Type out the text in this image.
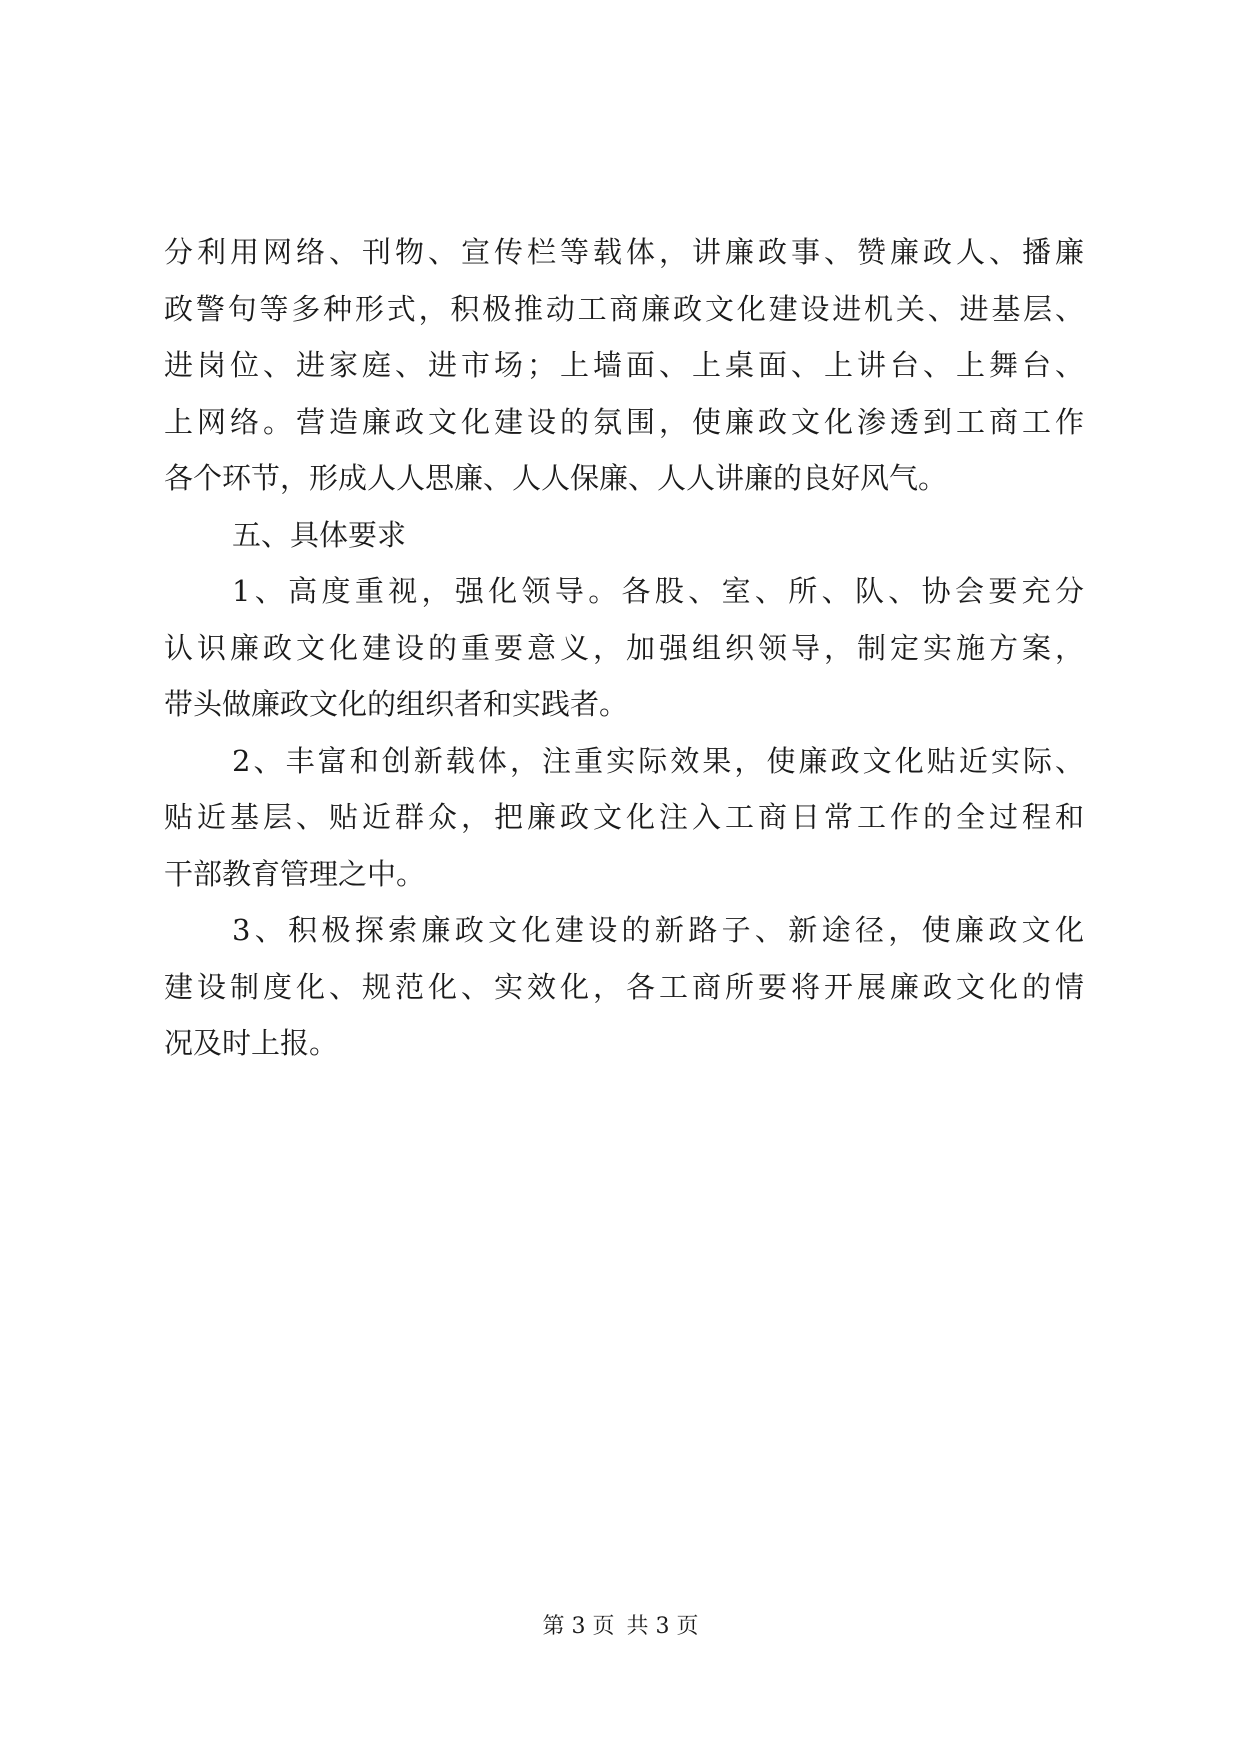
分利用网络、刊物、宣传栏等载体，讲廉政事、赞廉政人、播廉
政警句等多种形式，积极推动工商廉政文化建设进机关、进基层、
进岗位、进家庭、进市场；上墙面、上桌面、上讲台、上舞台、
上网络。营造廉政文化建设的氛围，使廉政文化渗透到工商工作
各个环节，形成人人思廉、人人保廉、人人讲廉的良好风气。
五、具体要求
1、高度重视，强化领导。各股、室、所、队、协会要充分
认识廉政文化建设的重要意义，加强组织领导，制定实施方案，
带头做廉政文化的组织者和实践者。
2、丰富和创新载体，注重实际效果，使廉政文化贴近实际、
贴近基层、贴近群众，把廉政文化注入工商日常工作的全过程和
干部教育管理之中。
3、积极探索廉政文化建设的新路子、新途径，使廉政文化
建设制度化、规范化、实效化，各工商所要将开展廉政文化的情
况及时上报。
第 3 页 共 3 页
